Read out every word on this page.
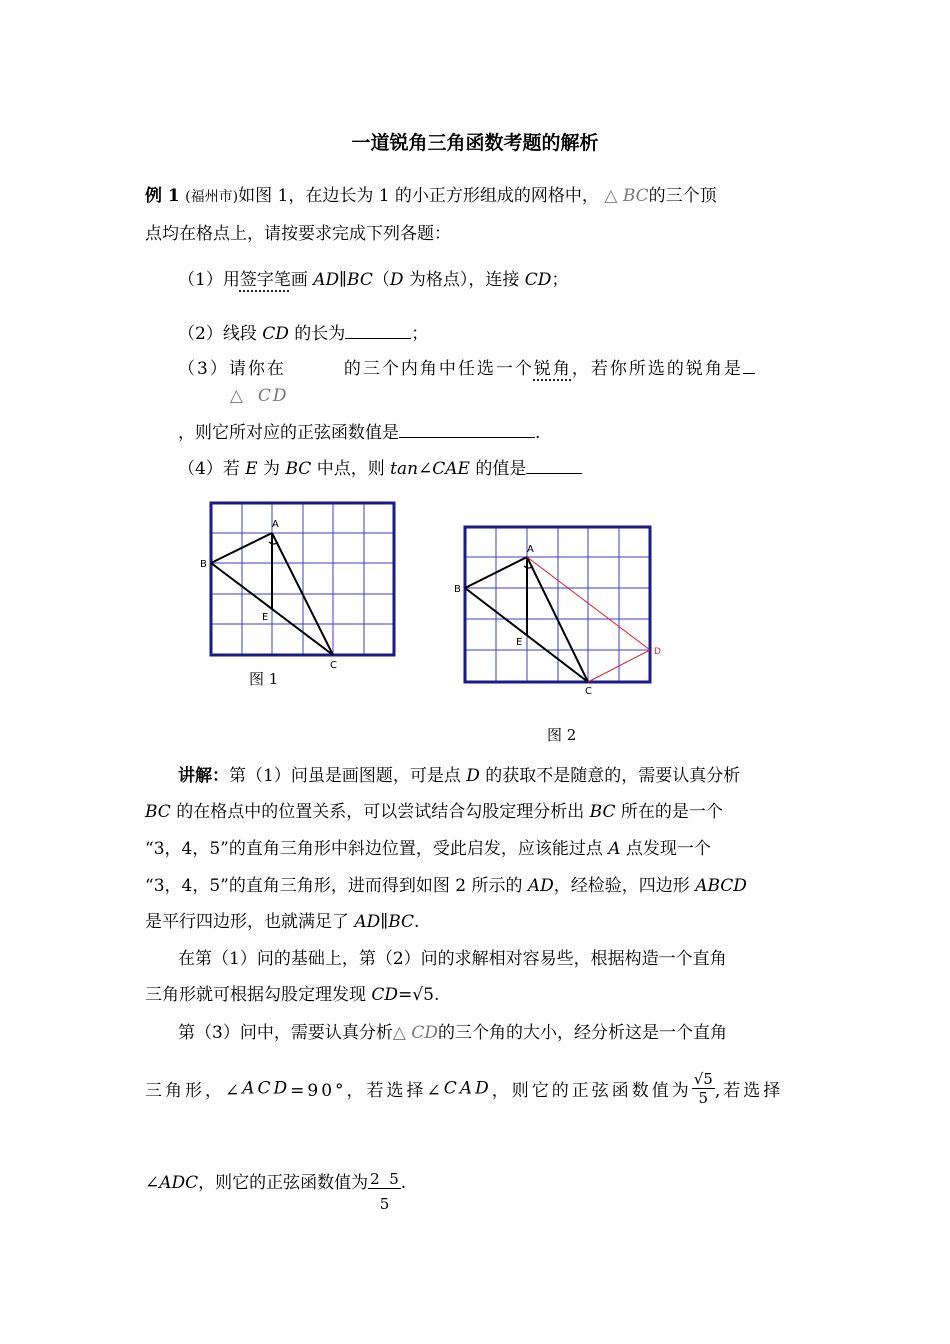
一道锐角三角函数考题的解析
例 1 (福州市)如图 1，在边长为 1 的小正方形组成的网格中， △ BC的三个顶
点均在格点上，请按要求完成下列各题：
（1）用签字笔画 AD∥BC（D 为格点），连接 CD；
（2）线段 CD 的长为	；
（3）请你在
△ CD
的三个内角中任选一个锐角，若你所选的锐角是
，则它所对应的正弦函数值是	.
（4）若 E 为 BC 中点，则 tan∠CAE 的值是
A
B
C
E
图 1
A
B
C
E
D
图 2
讲解：第（1）问虽是画图题，可是点 D 的获取不是随意的，需要认真分析
BC 的在格点中的位置关系，可以尝试结合勾股定理分析出 BC 所在的是一个
“3，4，5”的直角三角形中斜边位置，受此启发，应该能过点 A 点发现一个
“3，4，5”的直角三角形，进而得到如图 2 所示的 AD，经检验，四边形 ABCD
是平行四边形，也就满足了 AD∥BC.
在第（1）问的基础上，第（2）问的求解相对容易些，根据构造一个直角
三角形就可根据勾股定理发现 CD=√5.
第（3）问中，需要认真分析△ CD的三个角的大小，经分析这是一个直角
三角形，∠ACD=90°，若选择∠CAD，则它的正弦函数值为 $\frac{√5}{5}$ ,若选择
∠ADC，则它的正弦函数值为 $\frac{2 5}{5}$ .
